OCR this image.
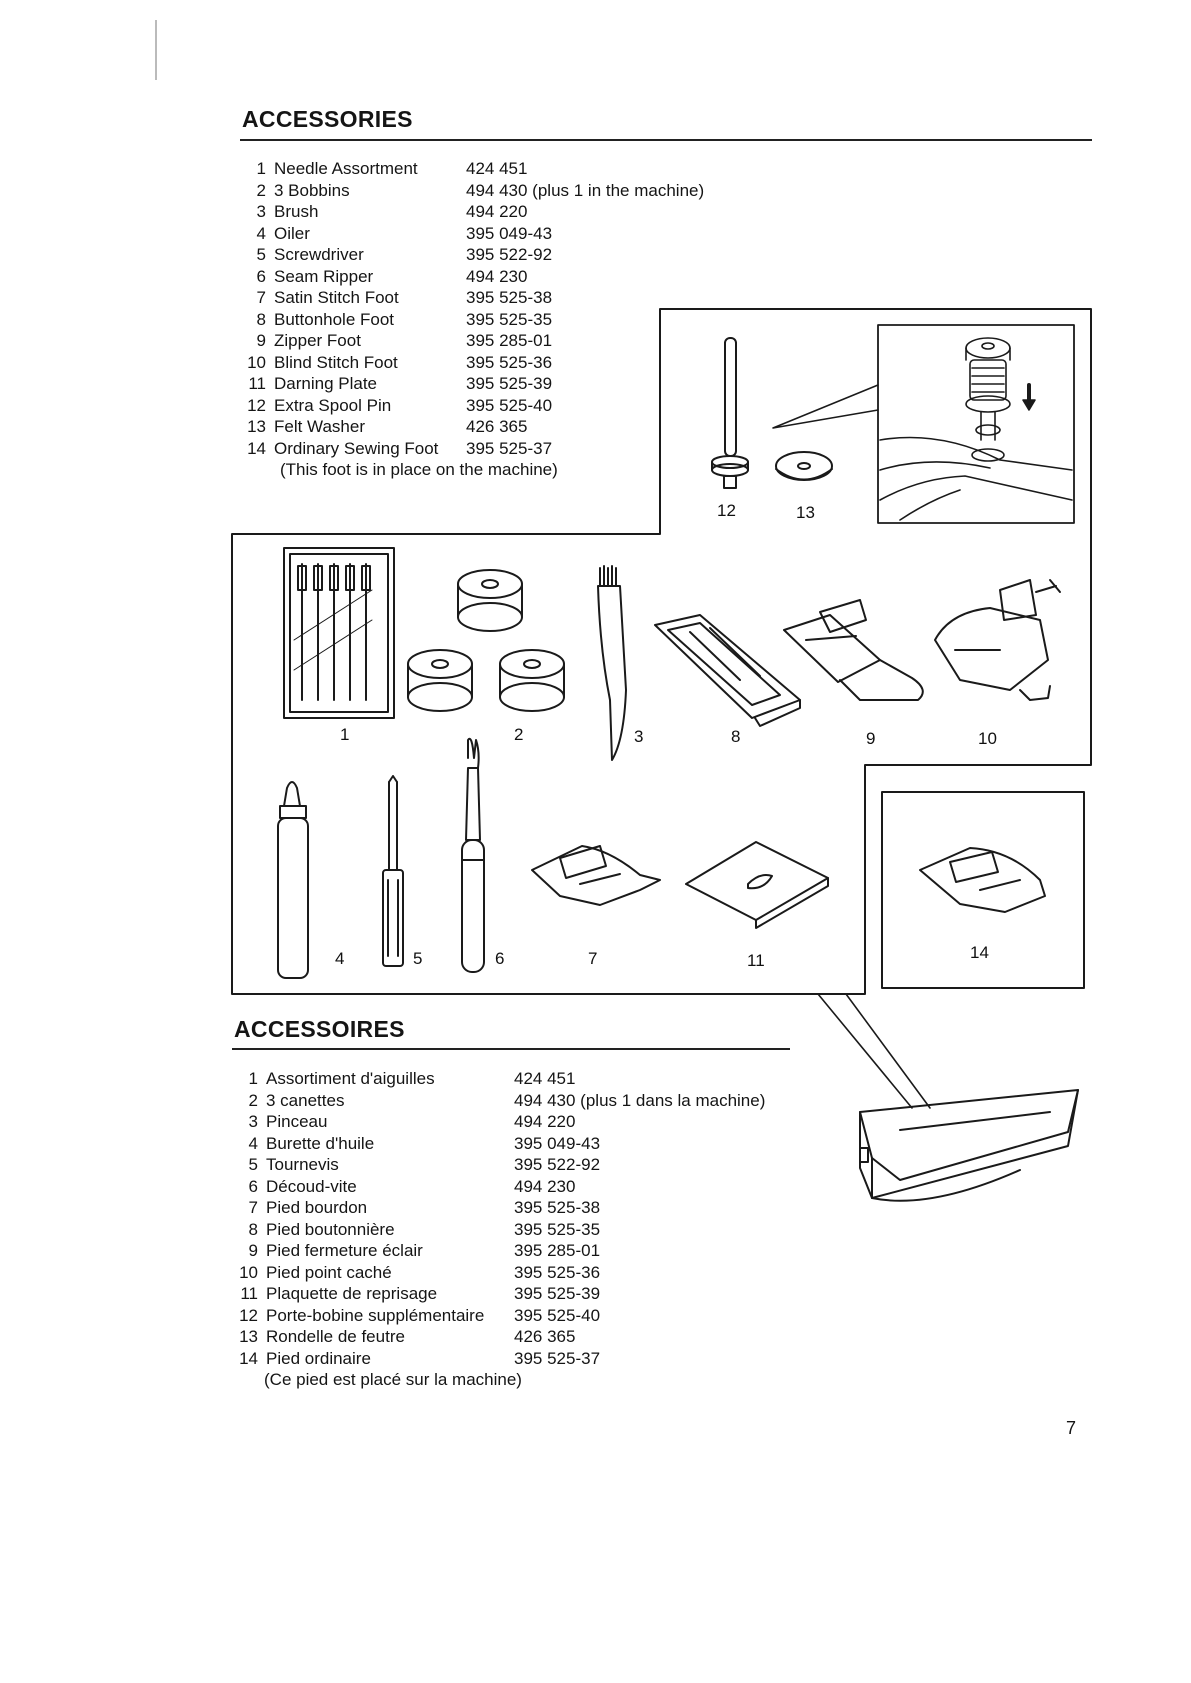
ACCESSORIES
1 Needle Assortment	424 451
2 3 Bobbins	494 430 (plus 1 in the machine)
3 Brush	494 220
4 Oiler	395 049-43
5 Screwdriver	395 522-92
6 Seam Ripper	494 230
7 Satin Stitch Foot	395 525-38
8 Buttonhole Foot	395 525-35
9 Zipper Foot	395 285-01
10 Blind Stitch Foot	395 525-36
11 Darning Plate	395 525-39
12 Extra Spool Pin	395 525-40
13 Felt Washer	426 365
14 Ordinary Sewing Foot 395 525-37
(This foot is in place on the machine)
1	2	3	8	9	10
4	5	6	7	11	14
12	13
ACCESSOIRES
1 Assortiment d'aiguilles	424 451
2 3 canettes	494 430 (plus 1 dans la machine)
3 Pinceau	494 220
4 Burette d'huile	395 049-43
5 Tournevis	395 522-92
6 Découd-vite	494 230
7 Pied bourdon	395 525-38
8 Pied boutonnière	395 525-35
9 Pied fermeture éclair	395 285-01
10 Pied point caché	395 525-36
11 Plaquette de reprisage	395 525-39
12 Porte-bobine supplémentaire 395 525-40
13 Rondelle de feutre	426 365
14 Pied ordinaire	395 525-37
(Ce pied est placé sur la machine)
7
